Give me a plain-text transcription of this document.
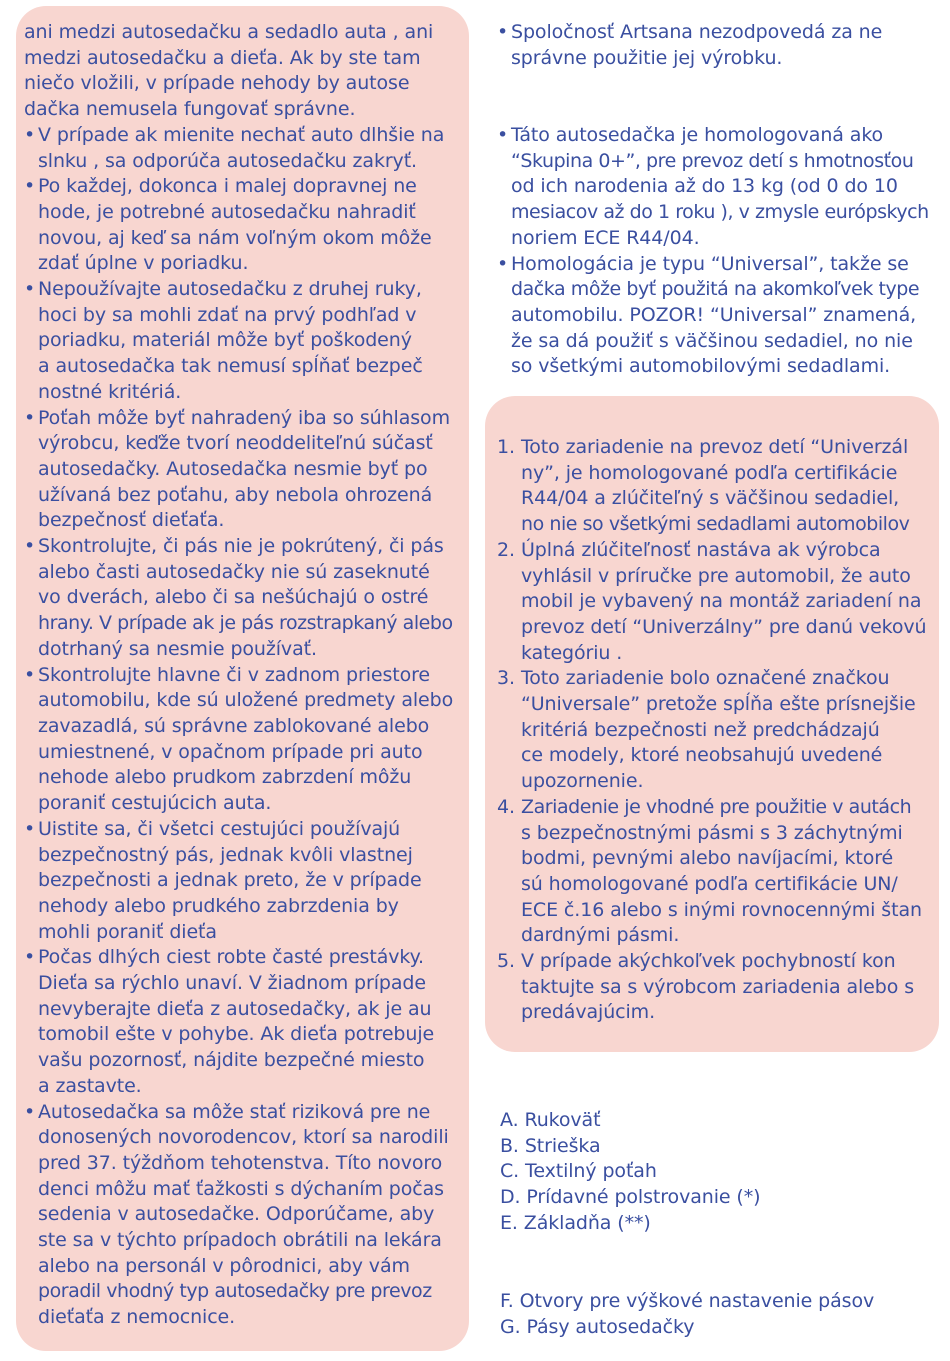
ani medzi autosedačku a sedadlo auta , ani
medzi autosedačku a dieťa. Ak by ste tam
niečo vložili, v prípade nehody by autose
dačka nemusela fungovať správne.

• V prípade ak mienite nechať auto dlhšie na
slnku , sa odporúča autosedačku zakryť.
• Po každej, dokonca i malej dopravnej ne
hode, je potrebné autosedačku nahradiť
novou, aj keď sa nám voľným okom môže
zdať úplne v poriadku.
• Nepoužívajte autosedačku z druhej ruky,
hoci by sa mohli zdať na prvý podhľad v
poriadku, materiál môže byť poškodený
a autosedačka tak nemusí spĺňať bezpeč
nostné kritériá.
• Poťah môže byť nahradený iba so súhlasom
výrobcu, keďže tvorí neoddeliteľnú súčasť
autosedačky. Autosedačka nesmie byť po
užívaná bez poťahu, aby nebola ohrozená
bezpečnosť dieťaťa.
• Skontrolujte, či pás nie je pokrútený, či pás
alebo časti autosedačky nie sú zaseknuté
vo dverách, alebo či sa nešúchajú o ostré
hrany. V prípade ak je pás rozstrapkaný alebo
dotrhaný sa nesmie používať.
• Skontrolujte hlavne či v zadnom priestore
automobilu, kde sú uložené predmety alebo
zavazadlá, sú správne zablokované alebo
umiestnené, v opačnom prípade pri auto
nehode alebo prudkom zabrzdení môžu
poraniť cestujúcich auta.
• Uistite sa, či všetci cestujúci používajú
bezpečnostný pás, jednak kvôli vlastnej
bezpečnosti a jednak preto, že v prípade
nehody alebo prudkého zabrzdenia by
mohli poraniť dieťa
• Počas dlhých ciest robte časté prestávky.
Dieťa sa rýchlo unaví. V žiadnom prípade
nevyberajte dieťa z autosedačky, ak je au
tomobil ešte v pohybe. Ak dieťa potrebuje
vašu pozornosť, nájdite bezpečné miesto
a zastavte.
• Autosedačka sa môže stať riziková pre ne
donosených novorodencov, ktorí sa narodili
pred 37. týždňom tehotenstva. Títo novoro
denci môžu mať ťažkosti s dýchaním počas
sedenia v autosedačke. Odporúčame, aby
ste sa v týchto prípadoch obrátili na lekára
alebo na personál v pôrodnici, aby vám
poradil vhodný typ autosedačky pre prevoz
dieťaťa z nemocnice.
• Spoločnosť Artsana nezodpovedá za ne
správne použitie jej výrobku.
• Táto autosedačka je homologovaná ako
“Skupina 0+”, pre prevoz detí s hmotnosťou
od ich narodenia až do 13 kg (od 0 do 10
mesiacov až do 1 roku ), v zmysle európskych
noriem ECE R44/04.
• Homologácia je typu “Universal”, takže se
dačka môže byť použitá na akomkoľvek type
automobilu. POZOR! “Universal” znamená,
že sa dá použiť s väčšinou sedadiel, no nie
so všetkými automobilovými sedadlami.
1. Toto zariadenie na prevoz detí “Univerzál
ny”, je homologované podľa certifikácie
R44/04 a zlúčiteľný s väčšinou sedadiel,
no nie so všetkými sedadlami automobilov
2. Úplná zlúčiteľnosť nastáva ak výrobca
vyhlásil v príručke pre automobil, že auto
mobil je vybavený na montáž zariadení na
prevoz detí “Univerzálny” pre danú vekovú
kategóriu .
3. Toto zariadenie bolo označené značkou
“Universale” pretože spĺňa ešte prísnejšie
kritériá bezpečnosti než predchádzajú
ce modely, ktoré neobsahujú uvedené
upozornenie.
4. Zariadenie je vhodné pre použitie v autách
s bezpečnostnými pásmi s 3 záchytnými
bodmi, pevnými alebo navíjacími, ktoré
sú homologované podľa certifikácie UN/
ECE č.16 alebo s inými rovnocennými štan
dardnými pásmi.
5. V prípade akýchkoľvek pochybností kon
taktujte sa s výrobcom zariadenia alebo s
predávajúcim.
A. Rukoväť
B. Strieška
C. Textilný poťah
D. Prídavné polstrovanie (*)
E. Základňa (**)
F. Otvory pre výškové nastavenie pásov
G. Pásy autosedačky
